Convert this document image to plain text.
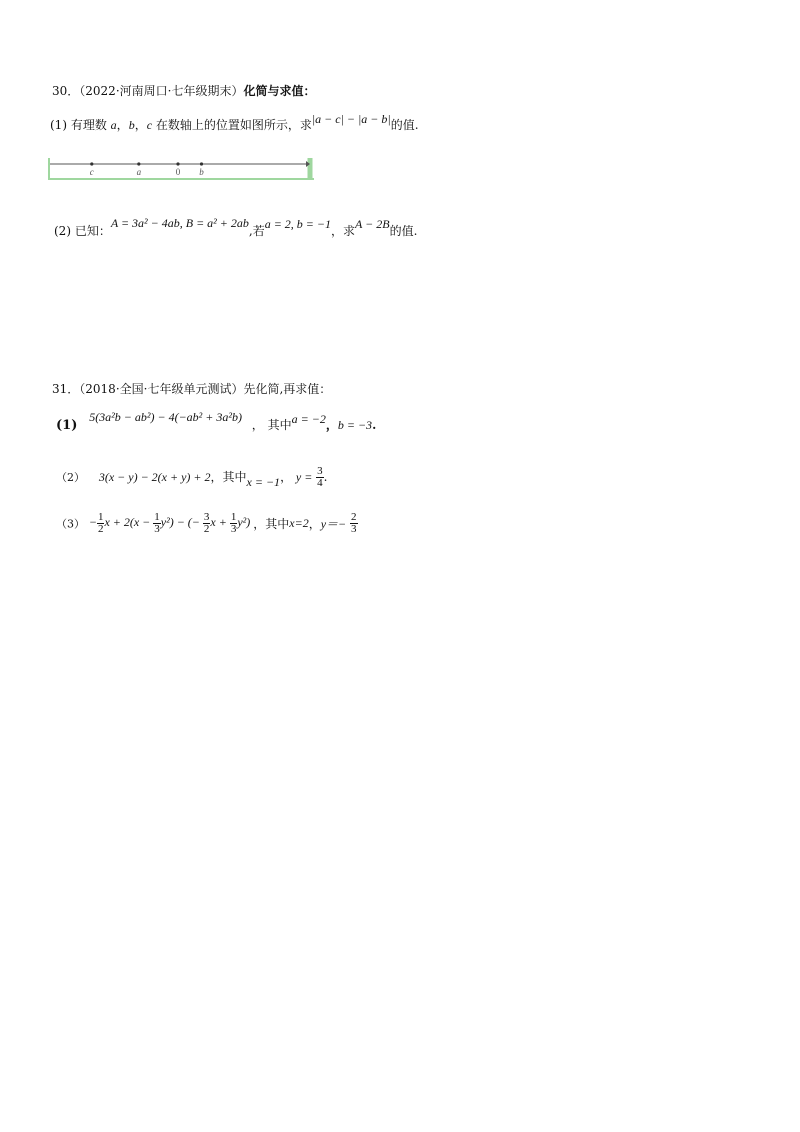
30．（2022·河南周口·七年级期末）化简与求值：
(1) 有理数 a，b，c 在数轴上的位置如图所示，求|a − c| − |a − b|的值.
c	a	0 b
(2) 已知：A = 3a² − 4ab, B = a² + 2ab,若a = 2, b = −1，求A − 2B的值.
31．（2018·全国·七年级单元测试）先化简,再求值：
(1) 5(3a²b − ab²) − 4(−ab² + 3a²b) ， 其中a = −2，b = −3.
（2） 3(x − y) − 2(x + y) + 2，其中x = −1， $y = \frac{3}{4}$ .
$(3) - \frac{1}{2}$ $x + 2(x - \frac{1}{3} y^2)$ − (− $\frac{3}{2}$ $x + \frac{1}{3} y^2$) ，其中x=2，$y=- \frac{2}{3}$
